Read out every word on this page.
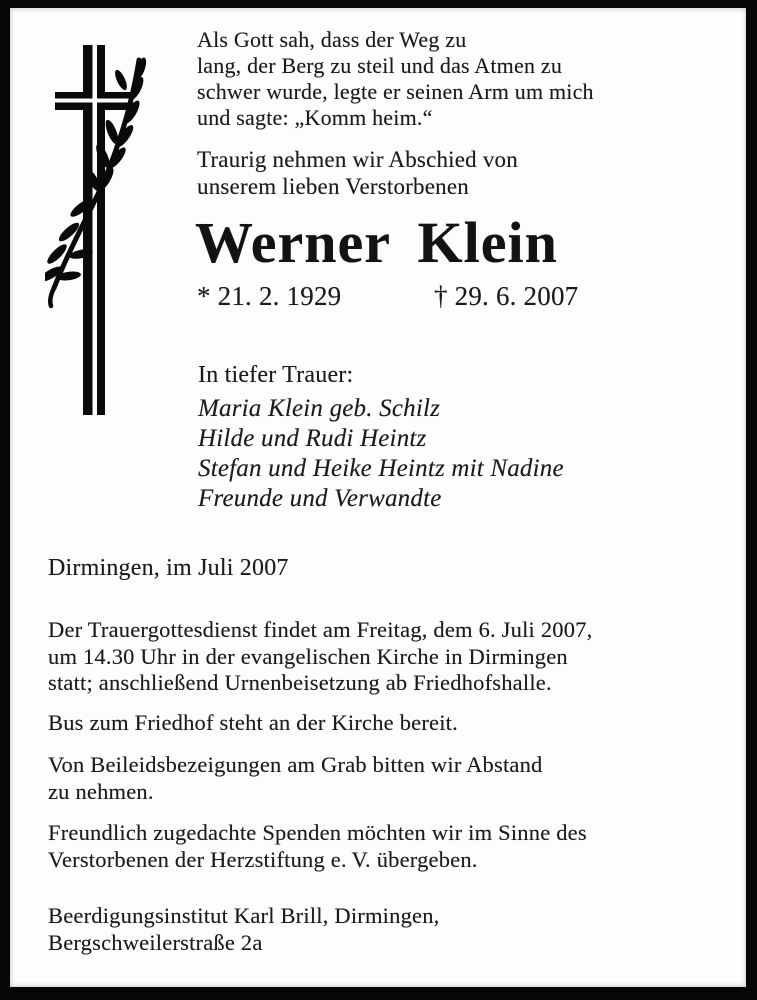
Als Gott sah, dass der Weg zu
lang, der Berg zu steil und das Atmen zu
schwer wurde, legte er seinen Arm um mich
und sagte: „Komm heim.“
Traurig nehmen wir Abschied von
unserem lieben Verstorbenen
Werner Klein
* 21. 2. 1929	† 29. 6. 2007
In tiefer Trauer:
Maria Klein geb. Schilz
Hilde und Rudi Heintz
Stefan und Heike Heintz mit Nadine
Freunde und Verwandte
Dirmingen, im Juli 2007
Der Trauergottesdienst findet am Freitag, dem 6. Juli 2007,
um 14.30 Uhr in der evangelischen Kirche in Dirmingen
statt; anschließend Urnenbeisetzung ab Friedhofshalle.
Bus zum Friedhof steht an der Kirche bereit.
Von Beileidsbezeigungen am Grab bitten wir Abstand
zu nehmen.
Freundlich zugedachte Spenden möchten wir im Sinne des
Verstorbenen der Herzstiftung e. V. übergeben.
Beerdigungsinstitut Karl Brill, Dirmingen,
Bergschweilerstraße 2a
